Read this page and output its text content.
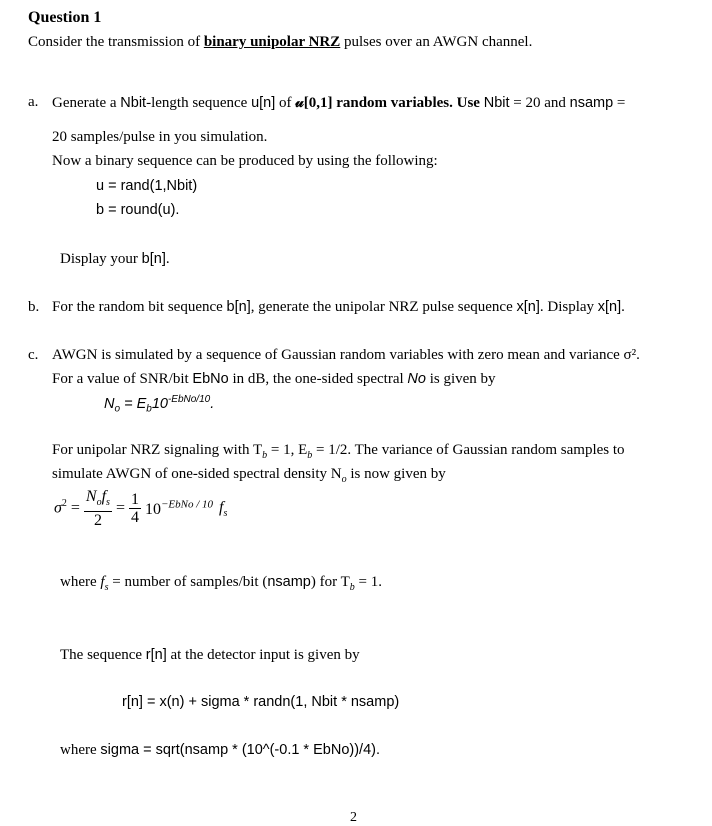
Question 1
Consider the transmission of binary unipolar NRZ pulses over an AWGN channel.
a. Generate a Nbit-length sequence u[n] of 𝓊[0,1] random variables. Use Nbit = 20 and nsamp =
20 samples/pulse in you simulation.
Now a binary sequence can be produced by using the following:
u = rand(1,Nbit)
b = round(u).
Display your b[n].
b. For the random bit sequence b[n], generate the unipolar NRZ pulse sequence x[n]. Display x[n].
c. AWGN is simulated by a sequence of Gaussian random variables with zero mean and variance σ².
For a value of SNR/bit EbNo in dB, the one-sided spectral No is given by
$N_o = E_b10^{-EbNo/10}$.
For unipolar NRZ signaling with $T_b = 1$, $E_b = 1/2$. The variance of Gaussian random samples to
simulate AWGN of one-sided spectral density $N_o$ is now given by
$\sigma^2 = \frac{N_of_s}{2} = \frac{1}{4} 10^{-EbNo / 10}$ $f_s$
where $f_s$ = number of samples/bit (nsamp) for $T_b = 1$.
The sequence r[n] at the detector input is given by
r[n] = x(n) + sigma * randn(1, Nbit * nsamp)
where sigma = sqrt(nsamp * (10^(-0.1 * EbNo))/4).
2
